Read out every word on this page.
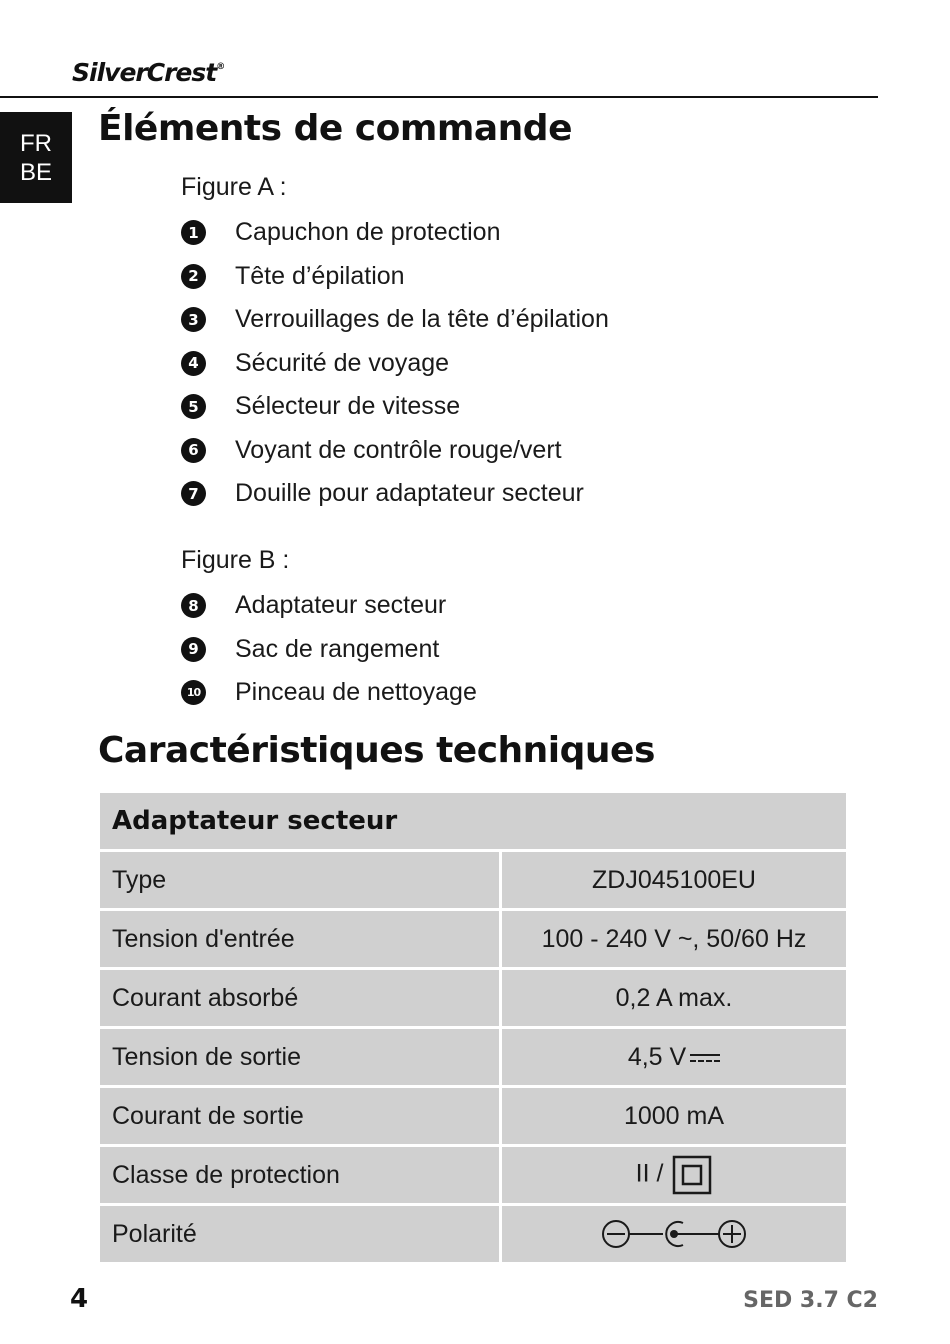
SilverCrest®
FR
BE
Éléments de commande

Figure A :

1 Capuchon de protection
2 Tête d’épilation
3 Verrouillages de la tête d’épilation
4 Sécurité de voyage
5 Sélecteur de vitesse
6 Voyant de contrôle rouge/vert
7 Douille pour adaptateur secteur

Figure B :

8 Adaptateur secteur
9 Sac de rangement
10 Pinceau de nettoyage
Caractéristiques techniques
Adaptateur secteur	
Type	ZDJ045100EU
Tension d'entrée	100 - 240 V ~, 50/60 Hz
Courant absorbé	0,2 A max.
Tension de sortie	4,5 V
Courant de sortie	1000 mA
Classe de protection	II /
Polarité	
4	SED 3.7 C2
